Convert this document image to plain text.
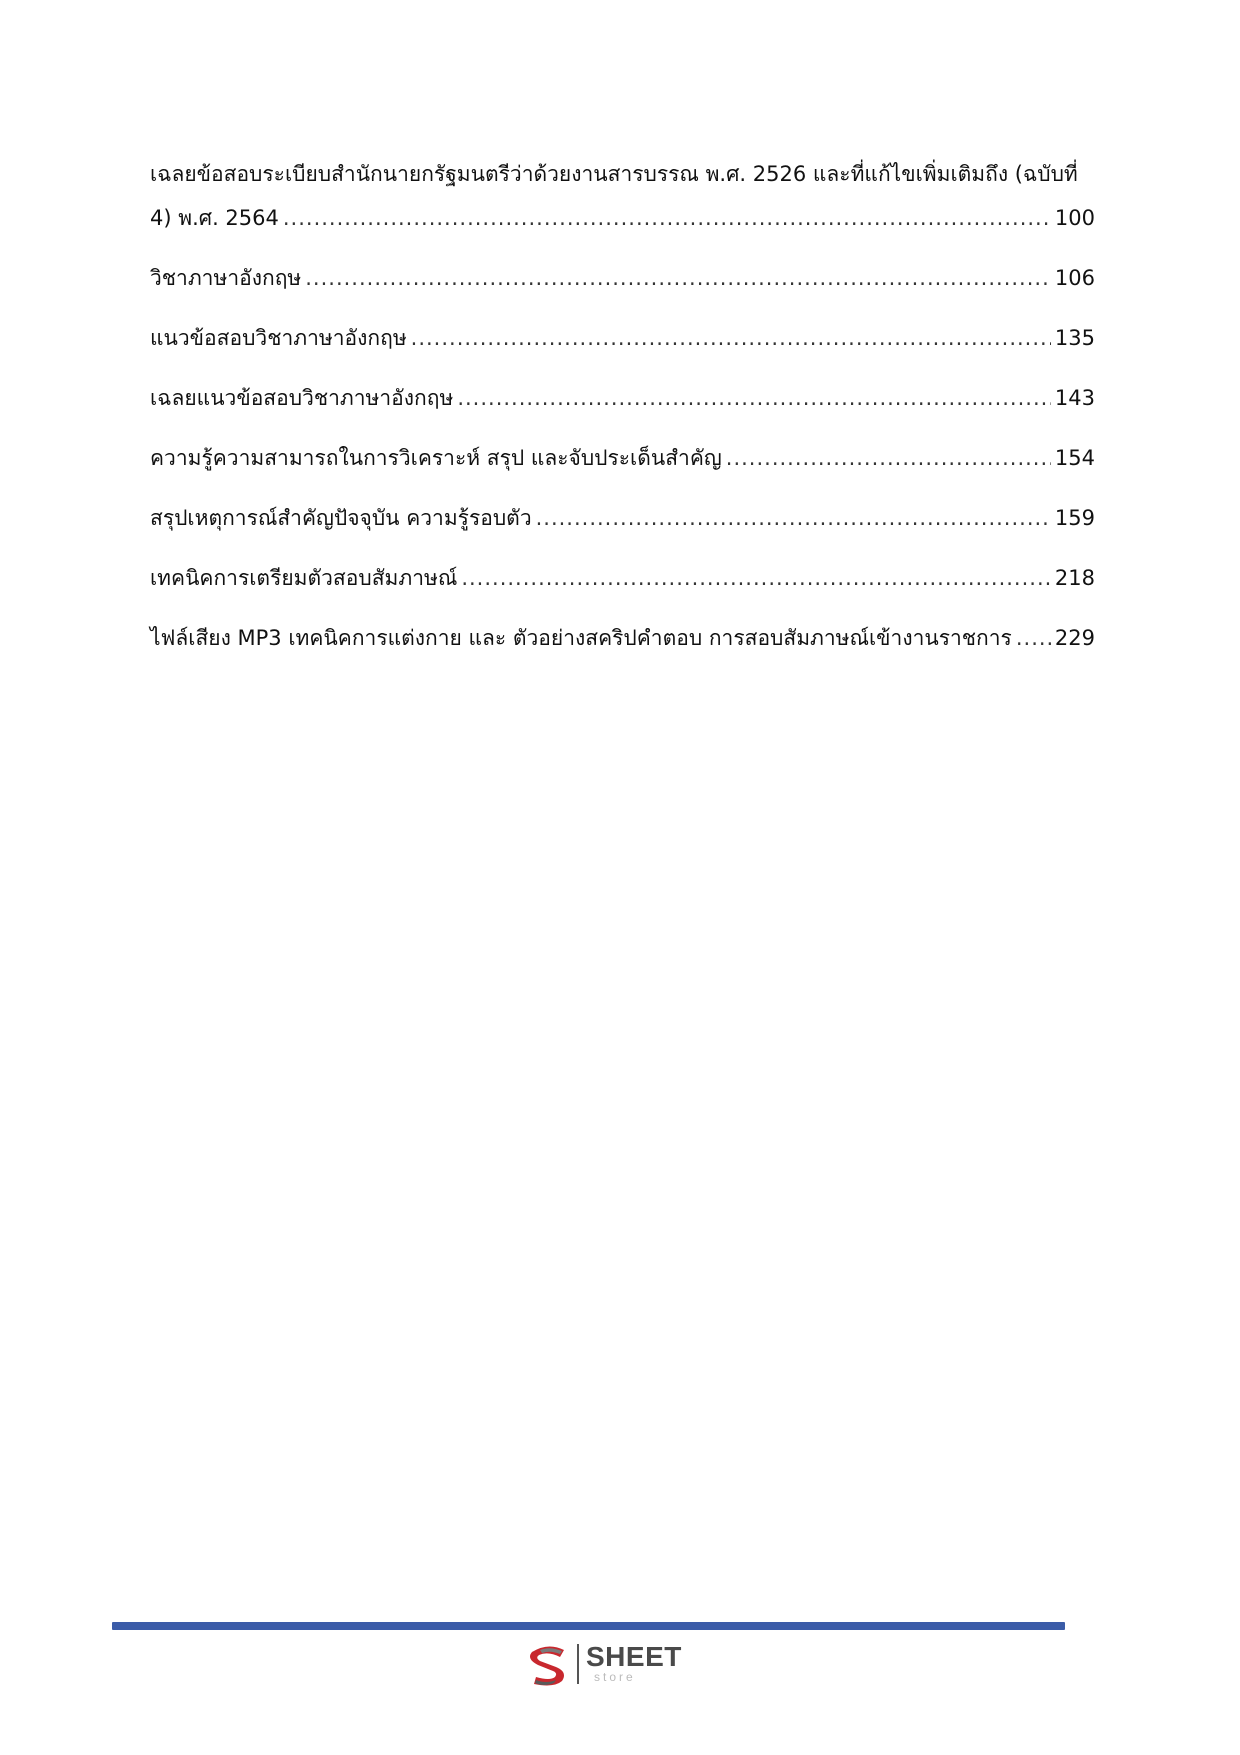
เฉลยข้อสอบระเบียบสำนักนายกรัฐมนตรีว่าด้วยงานสารบรรณ พ.ศ. 2526 และที่แก้ไขเพิ่มเติมถึง (ฉบับที่
4) พ.ศ. 2564 .....	100
วิชาภาษาอังกฤษ .....	106
แนวข้อสอบวิชาภาษาอังกฤษ .....	135
เฉลยแนวข้อสอบวิชาภาษาอังกฤษ .....	143
ความรู้ความสามารถในการวิเคราะห์ สรุป และจับประเด็นสำคัญ .....	154
สรุปเหตุการณ์สำคัญปัจจุบัน ความรู้รอบตัว .....	159
เทคนิคการเตรียมตัวสอบสัมภาษณ์ .....	218
ไฟล์เสียง MP3 เทคนิคการแต่งกาย และ ตัวอย่างสคริปคำตอบ การสอบสัมภาษณ์เข้างานราชการ ..... 229
SHEET
store
